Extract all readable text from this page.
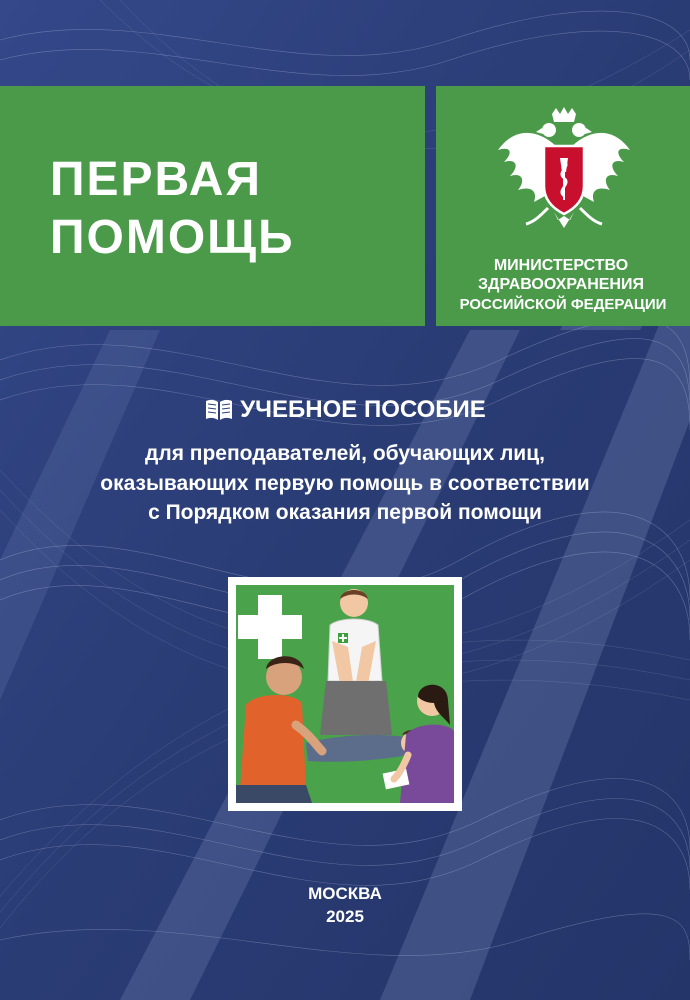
ПЕРВАЯ
ПОМОЩЬ
МИНИСТЕРСТВО
ЗДРАВООХРАНЕНИЯ
РОССИЙСКОЙ ФЕДЕРАЦИИ
УЧЕБНОЕ ПОСОБИЕ
для преподавателей, обучающих лиц,
оказывающих первую помощь в соответствии
с Порядком оказания первой помощи
МОСКВА
2025
